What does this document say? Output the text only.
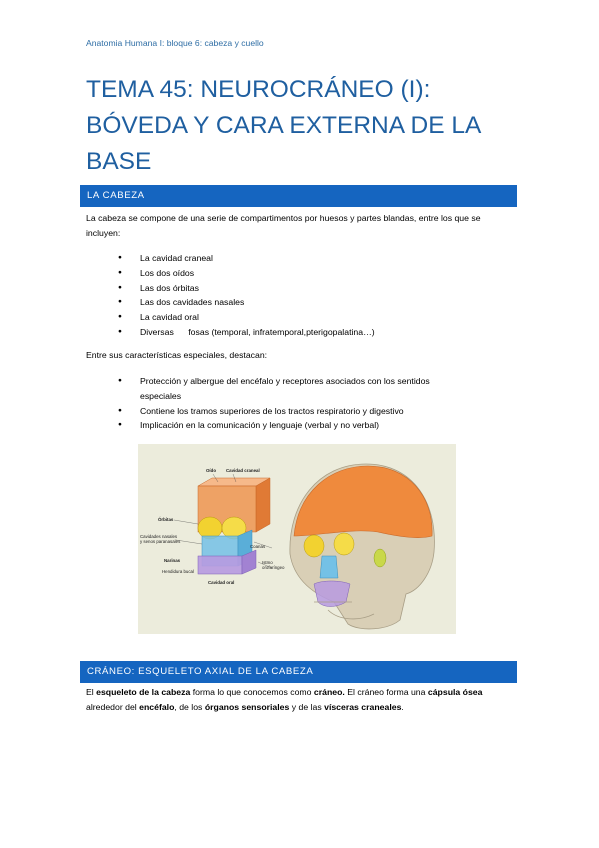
Anatomia Humana I: bloque 6: cabeza y cuello
TEMA 45: NEUROCRÁNEO (I):
BÓVEDA Y CARA EXTERNA DE LA
BASE
LA CABEZA

La cabeza se compone de una serie de compartimentos por huesos y partes blandas, entre los que se incluyen:

● La cavidad craneal
● Los dos oídos
● Las dos órbitas
● Las dos cavidades nasales
● La cavidad oral
● Diversas      fosas (temporal, infratemporal,pterigopalatina…)

Entre sus características especiales, destacan:

● Protección y albergue del encéfalo y receptores asociados con los sentidos especiales
● Contiene los tramos superiores de los tractos respiratorio y digestivo
● Implicación en la comunicación y lenguaje (verbal y no verbal)
Oído Cavidad craneal
Órbitas
Cavidades nasales
y senos paranasales
Narinas
Hendidura bucal
Cavidad oral
Coanas
Istmo
orofaríngeo
CRÁNEO: ESQUELETO AXIAL DE LA CABEZA

El esqueleto de la cabeza forma lo que conocemos como cráneo. El cráneo forma una cápsula ósea alrededor del encéfalo, de los órganos sensoriales y de las vísceras craneales.
